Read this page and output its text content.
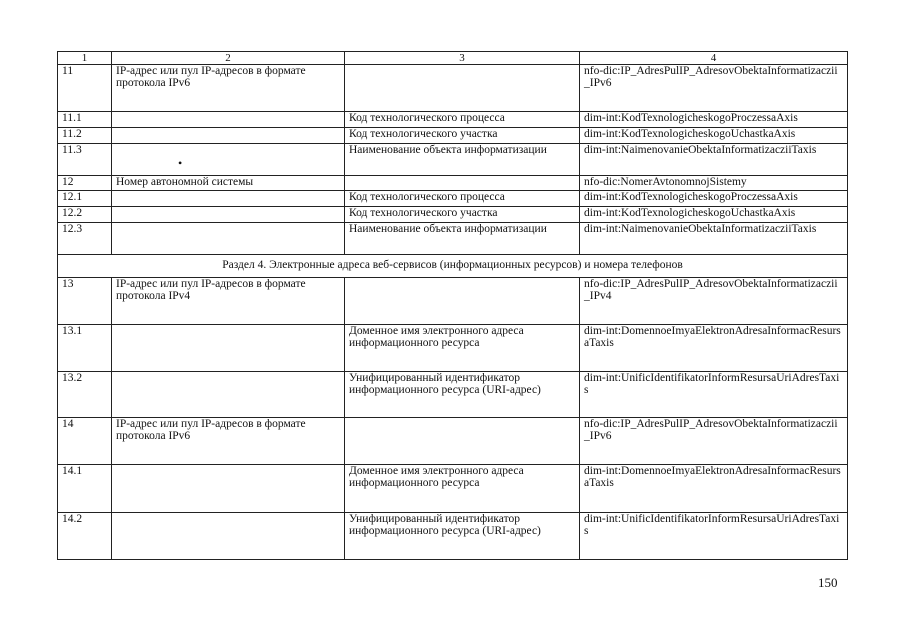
1	2	3	4
11	IP-адрес или пул IP-адресов в формате протокола IPv6		nfo-dic:IP_AdresPulIP_AdresovObektaInformatizaczii_IPv6
11.1		Код технологического процесса	dim-int:KodTexnologicheskogoProczessaAxis
11.2		Код технологического участка	dim-int:KodTexnologicheskogoUchastkaAxis
11.3		Наименование объекта информатизации	dim-int:NaimenovanieObektaInformatizacziiTaxis
12	Номер автономной системы		nfo-dic:NomerAvtonomnojSistemy
12.1		Код технологического процесса	dim-int:KodTexnologicheskogoProczessaAxis
12.2		Код технологического участка	dim-int:KodTexnologicheskogoUchastkaAxis
12.3		Наименование объекта информатизации	dim-int:NaimenovanieObektaInformatizacziiTaxis
Раздел 4. Электронные адреса веб-сервисов (информационных ресурсов) и номера телефонов			
13	IP-адрес или пул IP-адресов в формате протокола IPv4		nfo-dic:IP_AdresPulIP_AdresovObektaInformatizaczii_IPv4
13.1		Доменное имя электронного адреса информационного ресурса	dim-int:DomennoeImyaElektronAdresaInformacResursaTaxis
13.2		Унифицированный идентификатор информационного ресурса (URI-адрес)	dim-int:UnificIdentifikatorInformResursaUriAdresTaxis
14	IP-адрес или пул IP-адресов в формате протокола IPv6		nfo-dic:IP_AdresPulIP_AdresovObektaInformatizaczii_IPv6
14.1		Доменное имя электронного адреса информационного ресурса	dim-int:DomennoeImyaElektronAdresaInformacResursaTaxis
14.2		Унифицированный идентификатор информационного ресурса (URI-адрес)	dim-int:UnificIdentifikatorInformResursaUriAdresTaxis
•
150
